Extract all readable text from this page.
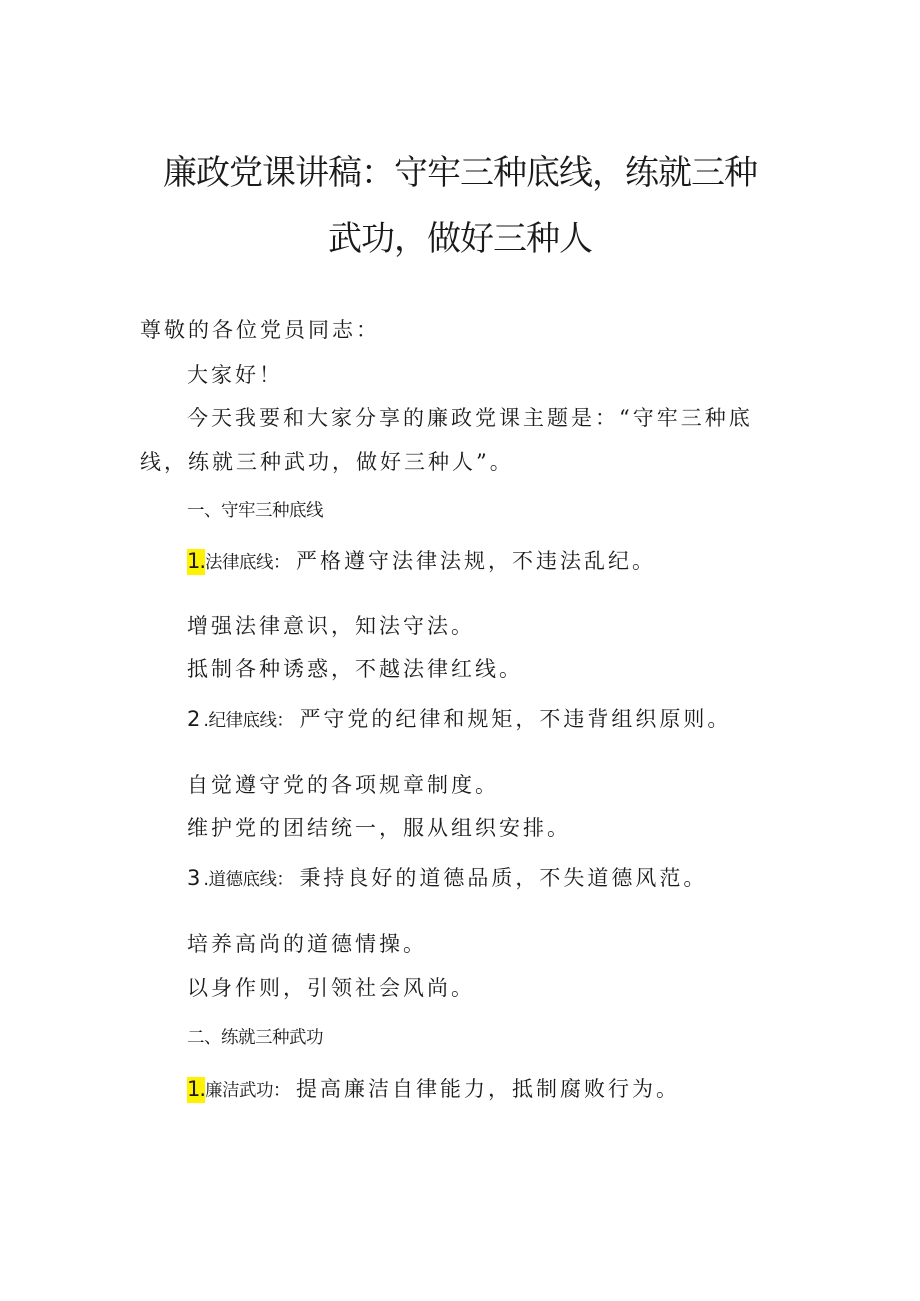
廉政党课讲稿：守牢三种底线，练就三种
武功，做好三种人

尊敬的各位党员同志：

大家好！

今天我要和大家分享的廉政党课主题是：“守牢三种底

线，练就三种武功，做好三种人”。

一、守牢三种底线

1. 法律底线： 严格遵守法律法规，不违法乱纪。

增强法律意识，知法守法。

抵制各种诱惑，不越法律红线。

2 .纪律底线： 严守党的纪律和规矩，不违背组织原则。

自觉遵守党的各项规章制度。

维护党的团结统一，服从组织安排。

3 .道德底线： 秉持良好的道德品质，不失道德风范。

培养高尚的道德情操。

以身作则，引领社会风尚。

二、练就三种武功

1. 廉洁武功： 提高廉洁自律能力，抵制腐败行为。
